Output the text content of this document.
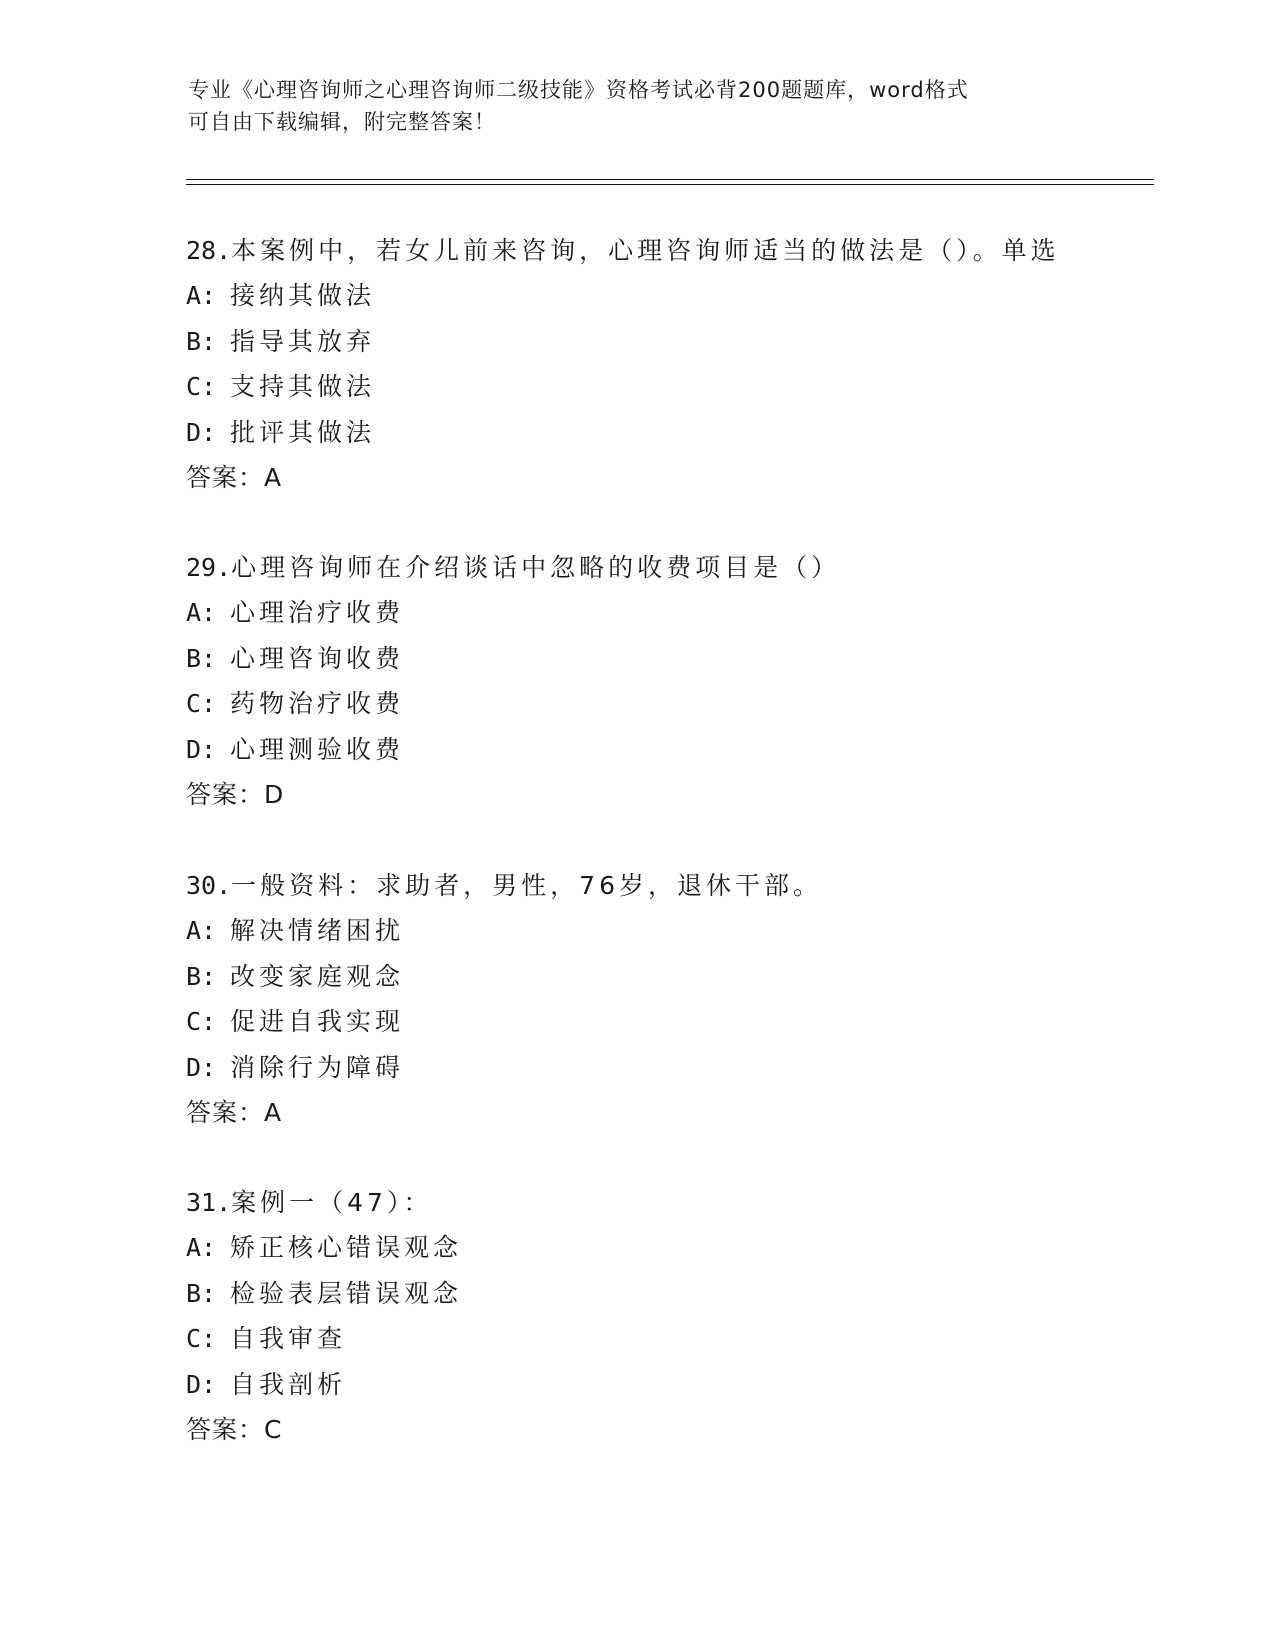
专业《心理咨询师之心理咨询师二级技能》资格考试必背200题题库，word格式
可自由下载编辑，附完整答案！
28.本案例中，若女儿前来咨询，心理咨询师适当的做法是（）。单选
A: 接纳其做法
B: 指导其放弃
C: 支持其做法
D: 批评其做法
答案：A
29.心理咨询师在介绍谈话中忽略的收费项目是（）
A: 心理治疗收费
B: 心理咨询收费
C: 药物治疗收费
D: 心理测验收费
答案：D
30.一般资料：求助者，男性，76岁，退休干部。
A: 解决情绪困扰
B: 改变家庭观念
C: 促进自我实现
D: 消除行为障碍
答案：A
31.案例一（47）：
A: 矫正核心错误观念
B: 检验表层错误观念
C: 自我审查
D: 自我剖析
答案：C
